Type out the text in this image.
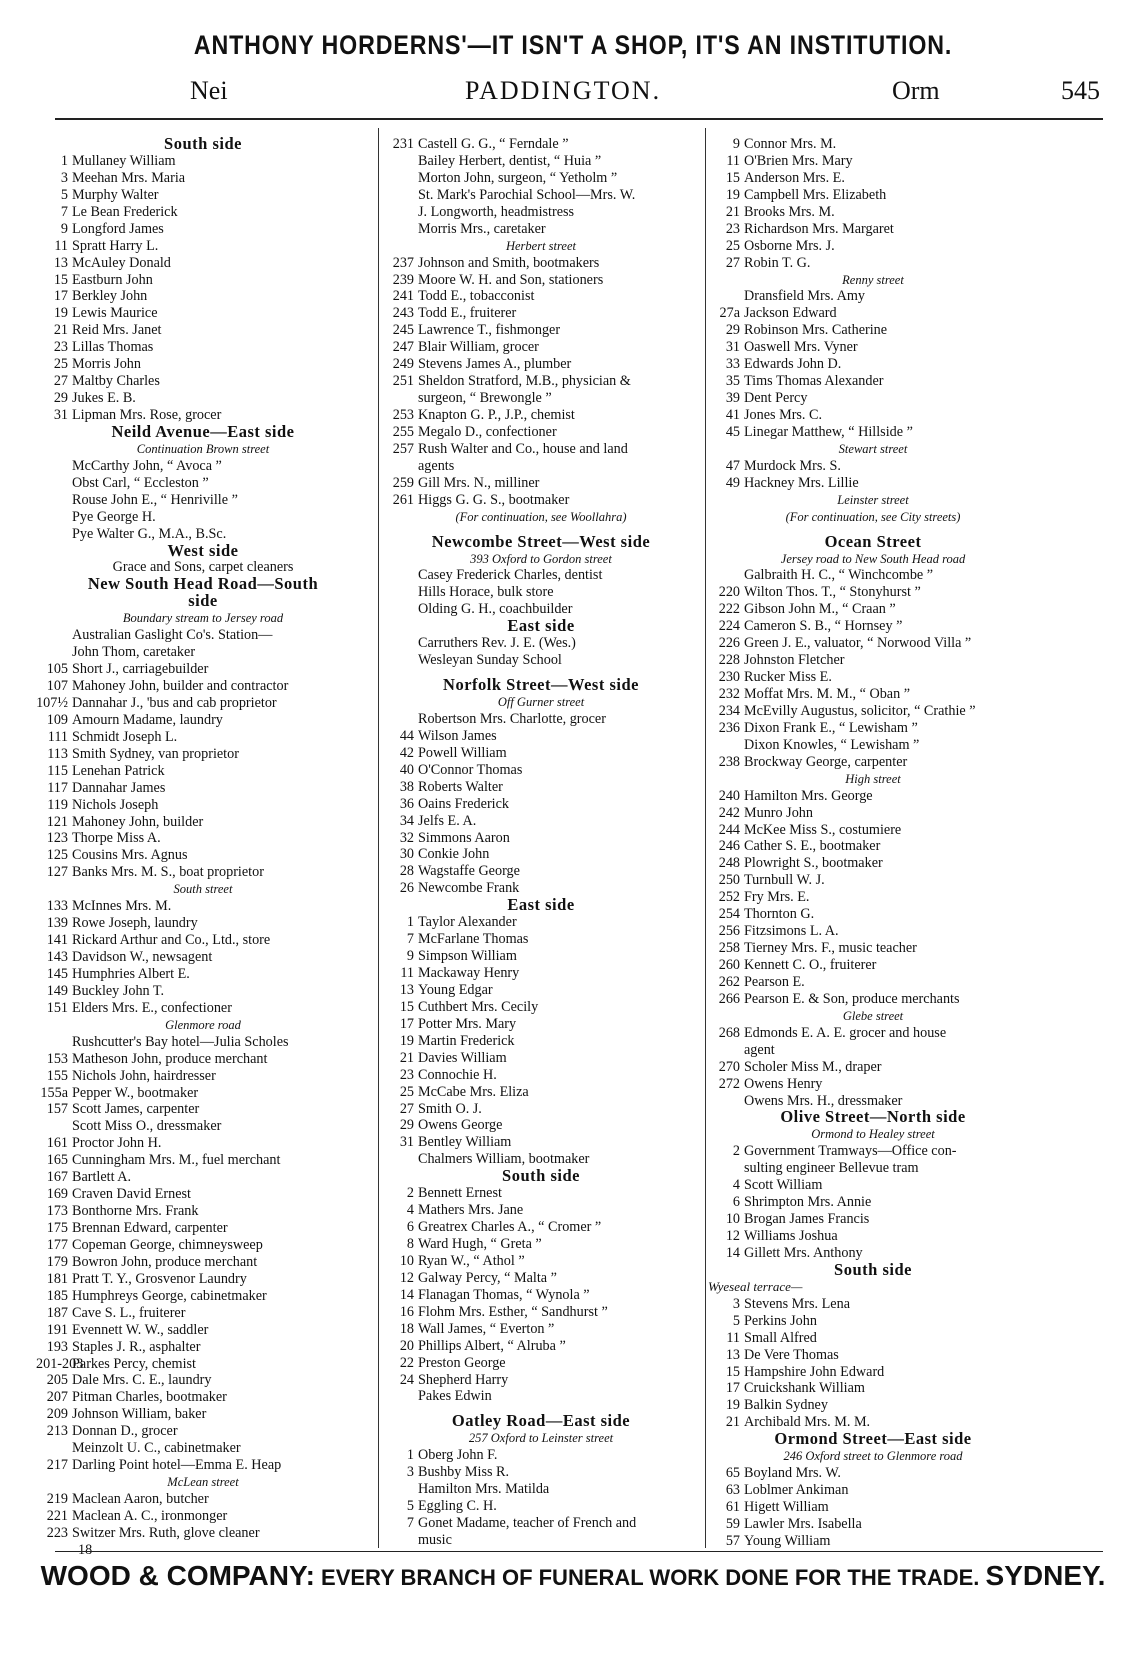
ANTHONY HORDERNS'—IT ISN'T A SHOP, IT'S AN INSTITUTION.
Nei	PADDINGTON.	Orm	545
South side
1 Mullaney William
3 Meehan Mrs. Maria
5 Murphy Walter
7 Le Bean Frederick
9 Longford James
11 Spratt Harry L.
13 McAuley Donald
15 Eastburn John
17 Berkley John
19 Lewis Maurice
21 Reid Mrs. Janet
23 Lillas Thomas
25 Morris John
27 Maltby Charles
29 Jukes E. B.
31 Lipman Mrs. Rose, grocer
Neild Avenue—East side
Continuation Brown street
McCarthy John, “ Avoca ”
Obst Carl, “ Eccleston ”
Rouse John E., “ Henriville ”
Pye George H.
Pye Walter G., M.A., B.Sc.
West side
Grace and Sons, carpet cleaners
New South Head Road—South
side
Boundary stream to Jersey road
Australian Gaslight Co's. Station—
John Thom, caretaker
105 Short J., carriagebuilder
107 Mahoney John, builder and contractor
107½ Dannahar J., 'bus and cab proprietor
109 Amourn Madame, laundry
111 Schmidt Joseph L.
113 Smith Sydney, van proprietor
115 Lenehan Patrick
117 Dannahar James
119 Nichols Joseph
121 Mahoney John, builder
123 Thorpe Miss A.
125 Cousins Mrs. Agnus
127 Banks Mrs. M. S., boat proprietor
South street
133 McInnes Mrs. M.
139 Rowe Joseph, laundry
141 Rickard Arthur and Co., Ltd., store
143 Davidson W., newsagent
145 Humphries Albert E.
149 Buckley John T.
151 Elders Mrs. E., confectioner
Glenmore road
Rushcutter's Bay hotel—Julia Scholes
153 Matheson John, produce merchant
155 Nichols John, hairdresser
155a Pepper W., bootmaker
157 Scott James, carpenter
Scott Miss O., dressmaker
161 Proctor John H.
165 Cunningham Mrs. M., fuel merchant
167 Bartlett A.
169 Craven David Ernest
173 Bonthorne Mrs. Frank
175 Brennan Edward, carpenter
177 Copeman George, chimneysweep
179 Bowron John, produce merchant
181 Pratt T. Y., Grosvenor Laundry
185 Humphreys George, cabinetmaker
187 Cave S. L., fruiterer
191 Evennett W. W., saddler
193 Staples J. R., asphalter
201-203Parkes Percy, chemist
205 Dale Mrs. C. E., laundry
207 Pitman Charles, bootmaker
209 Johnson William, baker
213 Donnan D., grocer
Meinzolt U. C., cabinetmaker
217 Darling Point hotel—Emma E. Heap
McLean street
219 Maclean Aaron, butcher
221 Maclean A. C., ironmonger
223 Switzer Mrs. Ruth, glove cleaner
18
231 Castell G. G., “ Ferndale ”
Bailey Herbert, dentist, “ Huia ”
Morton John, surgeon, “ Yetholm ”
St. Mark's Parochial School—Mrs. W.
J. Longworth, headmistress
Morris Mrs., caretaker
Herbert street
237 Johnson and Smith, bootmakers
239 Moore W. H. and Son, stationers
241 Todd E., tobacconist
243 Todd E., fruiterer
245 Lawrence T., fishmonger
247 Blair William, grocer
249 Stevens James A., plumber
251 Sheldon Stratford, M.B., physician &
surgeon, “ Brewongle ”
253 Knapton G. P., J.P., chemist
255 Megalo D., confectioner
257 Rush Walter and Co., house and land
agents
259 Gill Mrs. N., milliner
261 Higgs G. G. S., bootmaker
(For continuation, see Woollahra)
Newcombe Street—West side
393 Oxford to Gordon street
Casey Frederick Charles, dentist
Hills Horace, bulk store
Olding G. H., coachbuilder
East side
Carruthers Rev. J. E. (Wes.)
Wesleyan Sunday School
Norfolk Street—West side
Off Gurner street
Robertson Mrs. Charlotte, grocer
44 Wilson James
42 Powell William
40 O'Connor Thomas
38 Roberts Walter
36 Oains Frederick
34 Jelfs E. A.
32 Simmons Aaron
30 Conkie John
28 Wagstaffe George
26 Newcombe Frank
East side
1 Taylor Alexander
7 McFarlane Thomas
9 Simpson William
11 Mackaway Henry
13 Young Edgar
15 Cuthbert Mrs. Cecily
17 Potter Mrs. Mary
19 Martin Frederick
21 Davies William
23 Connochie H.
25 McCabe Mrs. Eliza
27 Smith O. J.
29 Owens George
31 Bentley William
Chalmers William, bootmaker
South side
2 Bennett Ernest
4 Mathers Mrs. Jane
6 Greatrex Charles A., “ Cromer ”
8 Ward Hugh, “ Greta ”
10 Ryan W., “ Athol ”
12 Galway Percy, “ Malta ”
14 Flanagan Thomas, “ Wynola ”
16 Flohm Mrs. Esther, “ Sandhurst ”
18 Wall James, “ Everton ”
20 Phillips Albert, “ Alruba ”
22 Preston George
24 Shepherd Harry
Pakes Edwin
Oatley Road—East side
257 Oxford to Leinster street
1 Oberg John F.
3 Bushby Miss R.
Hamilton Mrs. Matilda
5 Eggling C. H.
7 Gonet Madame, teacher of French and
music
9 Connor Mrs. M.
11 O'Brien Mrs. Mary
15 Anderson Mrs. E.
19 Campbell Mrs. Elizabeth
21 Brooks Mrs. M.
23 Richardson Mrs. Margaret
25 Osborne Mrs. J.
27 Robin T. G.
Renny street
Dransfield Mrs. Amy
27a Jackson Edward
29 Robinson Mrs. Catherine
31 Oaswell Mrs. Vyner
33 Edwards John D.
35 Tims Thomas Alexander
39 Dent Percy
41 Jones Mrs. C.
45 Linegar Matthew, “ Hillside ”
Stewart street
47 Murdock Mrs. S.
49 Hackney Mrs. Lillie
Leinster street
(For continuation, see City streets)
Ocean Street
Jersey road to New South Head road
Galbraith H. C., “ Winchcombe ”
220 Wilton Thos. T., “ Stonyhurst ”
222 Gibson John M., “ Craan ”
224 Cameron S. B., “ Hornsey ”
226 Green J. E., valuator, “ Norwood Villa ”
228 Johnston Fletcher
230 Rucker Miss E.
232 Moffat Mrs. M. M., “ Oban ”
234 McEvilly Augustus, solicitor, “ Crathie ”
236 Dixon Frank E., “ Lewisham ”
Dixon Knowles, “ Lewisham ”
238 Brockway George, carpenter
High street
240 Hamilton Mrs. George
242 Munro John
244 McKee Miss S., costumiere
246 Cather S. E., bootmaker
248 Plowright S., bootmaker
250 Turnbull W. J.
252 Fry Mrs. E.
254 Thornton G.
256 Fitzsimons L. A.
258 Tierney Mrs. F., music teacher
260 Kennett C. O., fruiterer
262 Pearson E.
266 Pearson E. & Son, produce merchants
Glebe street
268 Edmonds E. A. E. grocer and house
agent
270 Scholer Miss M., draper
272 Owens Henry
Owens Mrs. H., dressmaker
Olive Street—North side
Ormond to Healey street
2 Government Tramways—Office con-
sulting engineer Bellevue tram
4 Scott William
6 Shrimpton Mrs. Annie
10 Brogan James Francis
12 Williams Joshua
14 Gillett Mrs. Anthony
South side
Wyeseal terrace—
3 Stevens Mrs. Lena
5 Perkins John
11 Small Alfred
13 De Vere Thomas
15 Hampshire John Edward
17 Cruickshank William
19 Balkin Sydney
21 Archibald Mrs. M. M.
Ormond Street—East side
246 Oxford street to Glenmore road
65 Boyland Mrs. W.
63 Loblmer Ankiman
61 Higett William
59 Lawler Mrs. Isabella
57 Young William
WOOD & COMPANY: EVERY BRANCH OF FUNERAL WORK DONE FOR THE TRADE. SYDNEY.
